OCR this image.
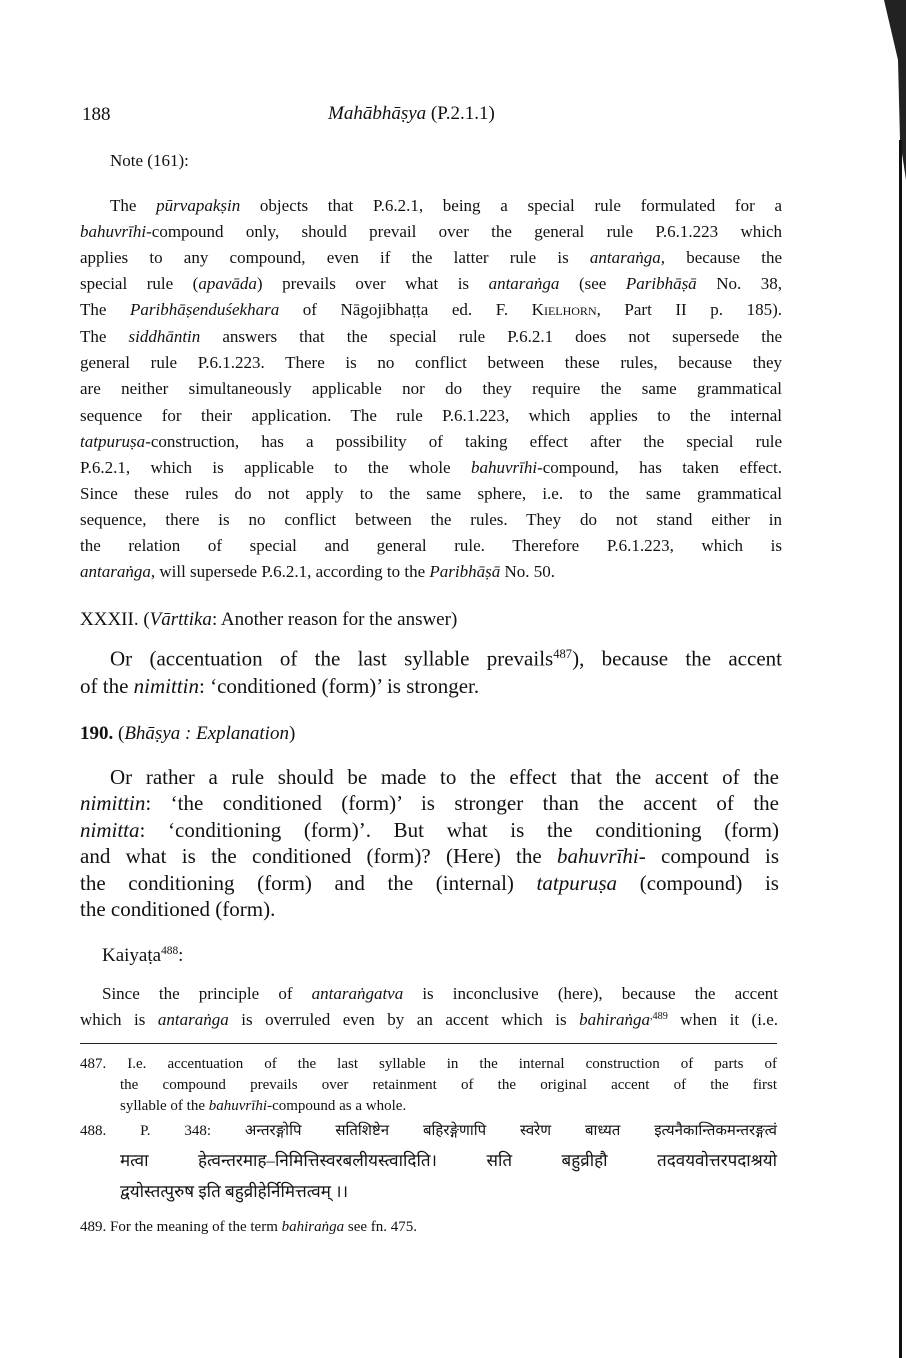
188	Mahābhāṣya (P.2.1.1)
Note (161):
The pūrvapakṣin objects that P.6.2.1, being a special rule formulated for a
bahuvrīhi-compound only, should prevail over the general rule P.6.1.223 which
applies to any compound, even if the latter rule is antaraṅga, because the
special rule (apavāda) prevails over what is antaraṅga (see Paribhāṣā No. 38,
The Paribhāṣenduśekhara of Nāgojibhaṭṭa ed. F. Kielhorn, Part II p. 185).
The siddhāntin answers that the special rule P.6.2.1 does not supersede the
general rule P.6.1.223. There is no conflict between these rules, because they
are neither simultaneously applicable nor do they require the same grammatical
sequence for their application. The rule P.6.1.223, which applies to the internal
tatpuruṣa-construction, has a possibility of taking effect after the special rule
P.6.2.1, which is applicable to the whole bahuvrīhi-compound, has taken effect.
Since these rules do not apply to the same sphere, i.e. to the same grammatical
sequence, there is no conflict between the rules. They do not stand either in
the relation of special and general rule. Therefore P.6.1.223, which is
antaraṅga, will supersede P.6.2.1, according to the Paribhāṣā No. 50.
XXXII. (Vārttika: Another reason for the answer)
Or (accentuation of the last syllable prevails$^{487}$), because the accent
of the nimittin: ‘conditioned (form)’ is stronger.
190. (Bhāṣya : Explanation)
Or rather a rule should be made to the effect that the accent of the
nimittin: ‘the conditioned (form)’ is stronger than the accent of the
nimitta: ‘conditioning (form)’. But what is the conditioning (form)
and what is the conditioned (form)? (Here) the bahuvrīhi- compound is
the conditioning (form) and the (internal) tatpuruṣa (compound) is
the conditioned (form).
Kaiyaṭa$^{488}$:
Since the principle of antaraṅgatva is inconclusive (here), because the accent
which is antaraṅga is overruled even by an accent which is bahiraṅga$^{,489}$ when it (i.e.
487. I.e. accentuation of the last syllable in the internal construction of parts of
the compound prevails over retainment of the original accent of the first
syllable of the bahuvrīhi-compound as a whole.
488. P. 348: अन्तरङ्गोपि सतिशिष्टेन बहिरङ्गेणापि स्वरेण बाध्यत इत्यनैकान्तिकमन्तरङ्गत्वं
मत्वा हेत्वन्तरमाह–निमित्तिस्वरबलीयस्त्वादिति। सति बहुव्रीहौ तदवयवोत्तरपदाश्रयो
द्वयोस्तत्पुरुष इति बहुव्रीहेर्निमित्तत्वम् ।।
489. For the meaning of the term bahiraṅga see fn. 475.
